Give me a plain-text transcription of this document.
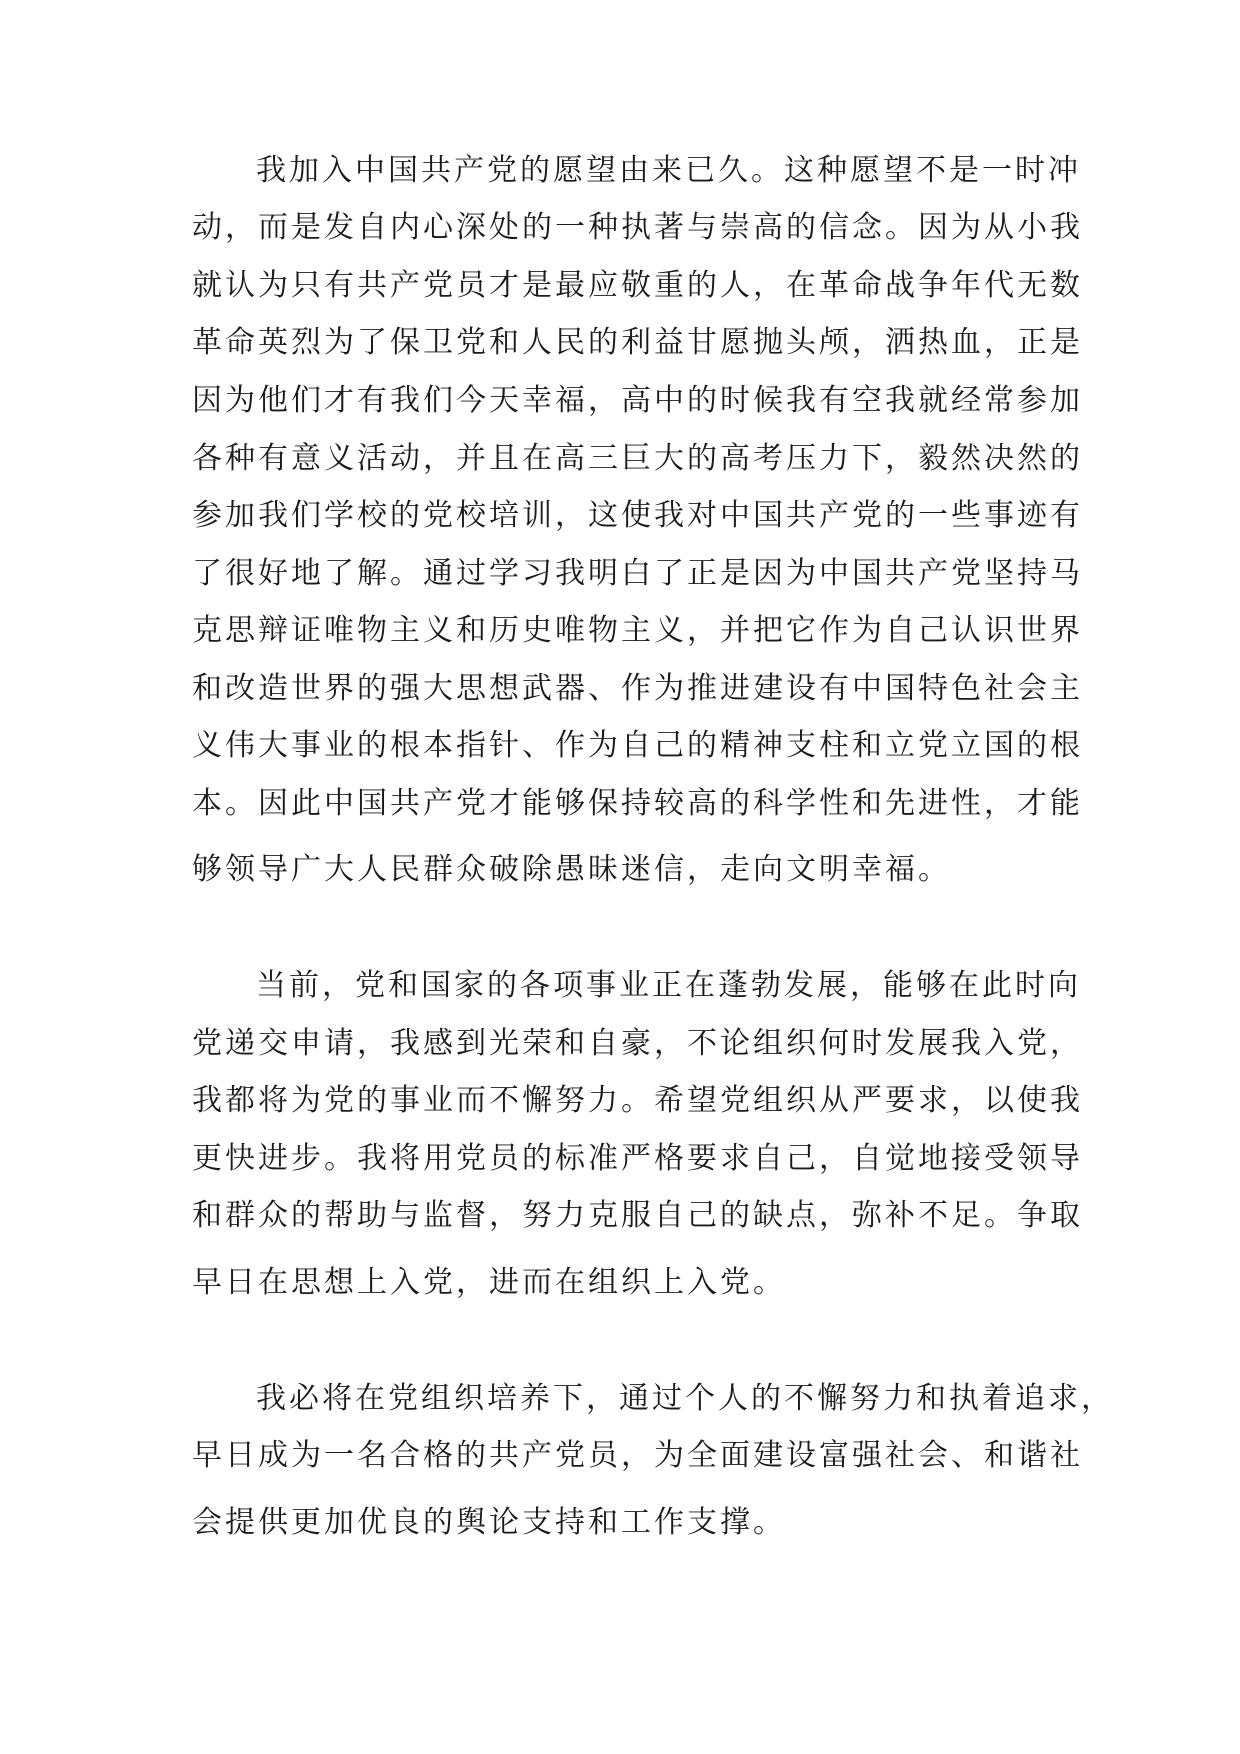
我加入中国共产党的愿望由来已久。这种愿望不是一时冲

动，而是发自内心深处的一种执著与崇高的信念。因为从小我

就认为只有共产党员才是最应敬重的人，在革命战争年代无数

革命英烈为了保卫党和人民的利益甘愿抛头颅，洒热血，正是

因为他们才有我们今天幸福，高中的时候我有空我就经常参加

各种有意义活动，并且在高三巨大的高考压力下，毅然决然的

参加我们学校的党校培训，这使我对中国共产党的一些事迹有

了很好地了解。通过学习我明白了正是因为中国共产党坚持马

克思辩证唯物主义和历史唯物主义，并把它作为自己认识世界

和改造世界的强大思想武器、作为推进建设有中国特色社会主

义伟大事业的根本指针、作为自己的精神支柱和立党立国的根

本。因此中国共产党才能够保持较高的科学性和先进性，才能

够领导广大人民群众破除愚昧迷信，走向文明幸福。

当前，党和国家的各项事业正在蓬勃发展，能够在此时向

党递交申请，我感到光荣和自豪，不论组织何时发展我入党，

我都将为党的事业而不懈努力。希望党组织从严要求，以使我

更快进步。我将用党员的标准严格要求自己，自觉地接受领导

和群众的帮助与监督，努力克服自己的缺点，弥补不足。争取

早日在思想上入党，进而在组织上入党。

我必将在党组织培养下，通过个人的不懈努力和执着追求，

早日成为一名合格的共产党员，为全面建设富强社会、和谐社

会提供更加优良的舆论支持和工作支撑。
